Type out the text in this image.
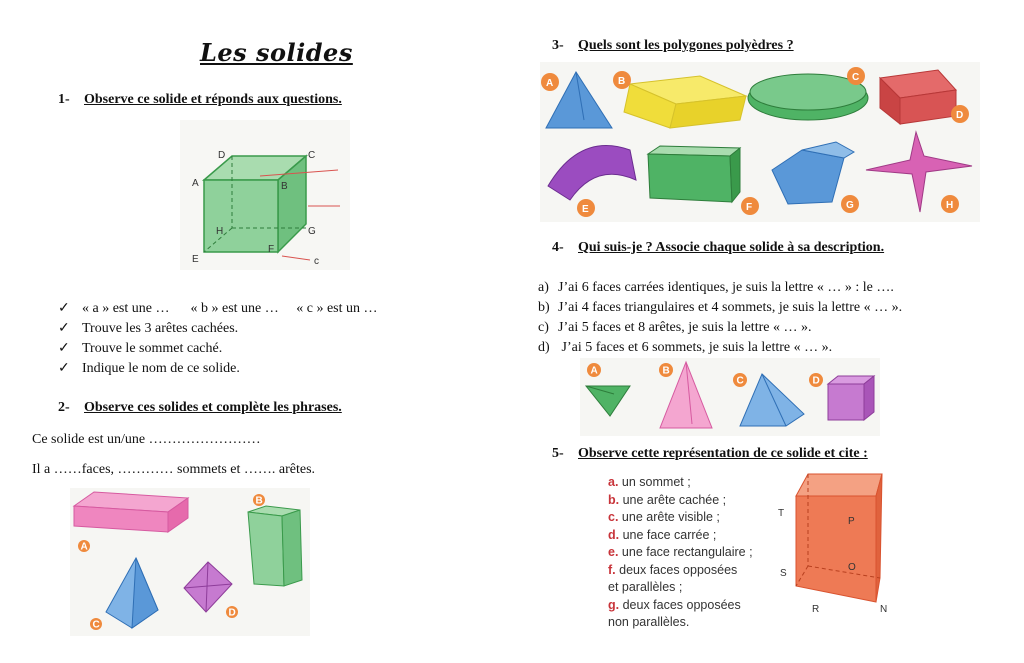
Les solides
1- Observe ce solide et réponds aux questions.
c
A	B
C
D
E
F
G
H
✓ « a » est une …      « b » est une …     « c » est un …
✓ Trouve les 3 arêtes cachées.
✓ Trouve le sommet caché.
✓ Indique le nom de ce solide.
2- Observe ces solides et complète les phrases.
Ce solide est un/une ……………………
Il a ……faces, ………… sommets et ……. arêtes.
A
B
C
D
3- Quels sont les polygones polyèdres ?
A	B	C
D
E	F	G	H
4- Qui suis-je ? Associe chaque solide à sa description.
a) J’ai 6 faces carrées identiques, je suis la lettre « … » : le ….
b) J’ai 4 faces triangulaires et 4 sommets, je suis la lettre « … ».
c) J’ai 5 faces et 8 arêtes, je suis la lettre « … ».
d) J’ai 5 faces et 6 sommets, je suis la lettre « … ».
A	B
C	D
5- Observe cette représentation de ce solide et cite :
a. un sommet ;
b. une arête cachée ;
c. une arête visible ;
d. une face carrée ;
e. une face rectangulaire ;
f. deux faces opposées
et parallèles ;
g. deux faces opposées
non parallèles.
T
P
S
O
R	N
